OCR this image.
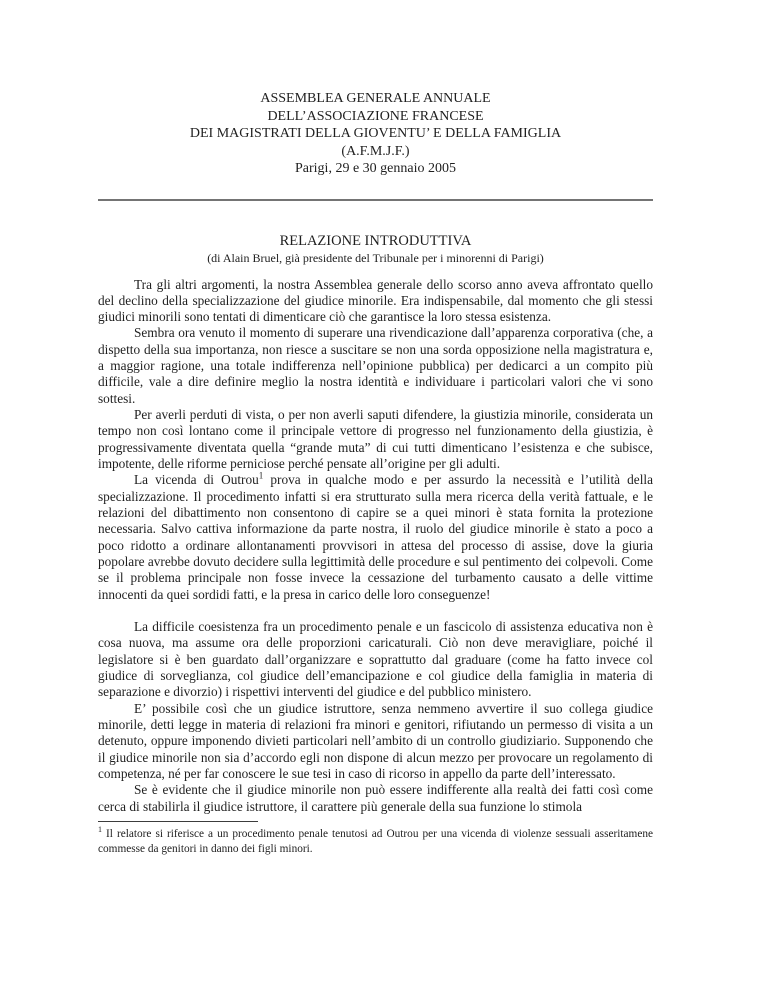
ASSEMBLEA GENERALE ANNUALE
DELL’ASSOCIAZIONE FRANCESE
DEI MAGISTRATI DELLA GIOVENTU’ E DELLA FAMIGLIA
(A.F.M.J.F.)
Parigi, 29 e 30 gennaio 2005
RELAZIONE INTRODUTTIVA
(di Alain Bruel, già presidente del Tribunale per i minorenni di Parigi)

Tra gli altri argomenti, la nostra Assemblea generale dello scorso anno aveva affrontato quello del declino della specializzazione del giudice minorile. Era indispensabile, dal momento che gli stessi giudici minorili sono tentati di dimenticare ciò che garantisce la loro stessa esistenza.

Sembra ora venuto il momento di superare una rivendicazione dall’apparenza corporativa (che, a dispetto della sua importanza, non riesce a suscitare se non una sorda opposizione nella magistratura e, a maggior ragione, una totale indifferenza nell’opinione pubblica) per dedicarci a un compito più difficile, vale a dire definire meglio la nostra identità e individuare i particolari valori che vi sono sottesi.

Per averli perduti di vista, o per non averli saputi difendere, la giustizia minorile, considerata un tempo non così lontano come il principale vettore di progresso nel funzionamento della giustizia, è progressivamente diventata quella “grande muta” di cui tutti dimenticano l’esistenza e che subisce, impotente, delle riforme perniciose perché pensate all’origine per gli adulti.

La vicenda di Outrou$^1$ prova in qualche modo e per assurdo la necessità e l’utilità della specializzazione. Il procedimento infatti si era strutturato sulla mera ricerca della verità fattuale, e le relazioni del dibattimento non consentono di capire se a quei minori è stata fornita la protezione necessaria. Salvo cattiva informazione da parte nostra, il ruolo del giudice minorile è stato a poco a poco ridotto a ordinare allontanamenti provvisori in attesa del processo di assise, dove la giuria popolare avrebbe dovuto decidere sulla legittimità delle procedure e sul pentimento dei colpevoli. Come se il problema principale non fosse invece la cessazione del turbamento causato a delle vittime innocenti da quei sordidi fatti, e la presa in carico delle loro conseguenze!

La difficile coesistenza fra un procedimento penale e un fascicolo di assistenza educativa non è cosa nuova, ma assume ora delle proporzioni caricaturali. Ciò non deve meravigliare, poiché il legislatore si è ben guardato dall’organizzare e soprattutto dal graduare (come ha fatto invece col giudice di sorveglianza, col giudice dell’emancipazione e col giudice della famiglia in materia di separazione e divorzio) i rispettivi interventi del giudice e del pubblico ministero.

E’ possibile così che un giudice istruttore, senza nemmeno avvertire il suo collega giudice minorile, detti legge in materia di relazioni fra minori e genitori, rifiutando un permesso di visita a un detenuto, oppure imponendo divieti particolari nell’ambito di un controllo giudiziario. Supponendo che il giudice minorile non sia d’accordo egli non dispone di alcun mezzo per provocare un regolamento di competenza, né per far conoscere le sue tesi in caso di ricorso in appello da parte dell’interessato.

Se è evidente che il giudice minorile non può essere indifferente alla realtà dei fatti così come cerca di stabilirla il giudice istruttore, il carattere più generale della sua funzione lo stimola

$^1$ Il relatore si riferisce a un procedimento penale tenutosi ad Outrou per una vicenda di violenze sessuali asseritamene commesse da genitori in danno dei figli minori.
